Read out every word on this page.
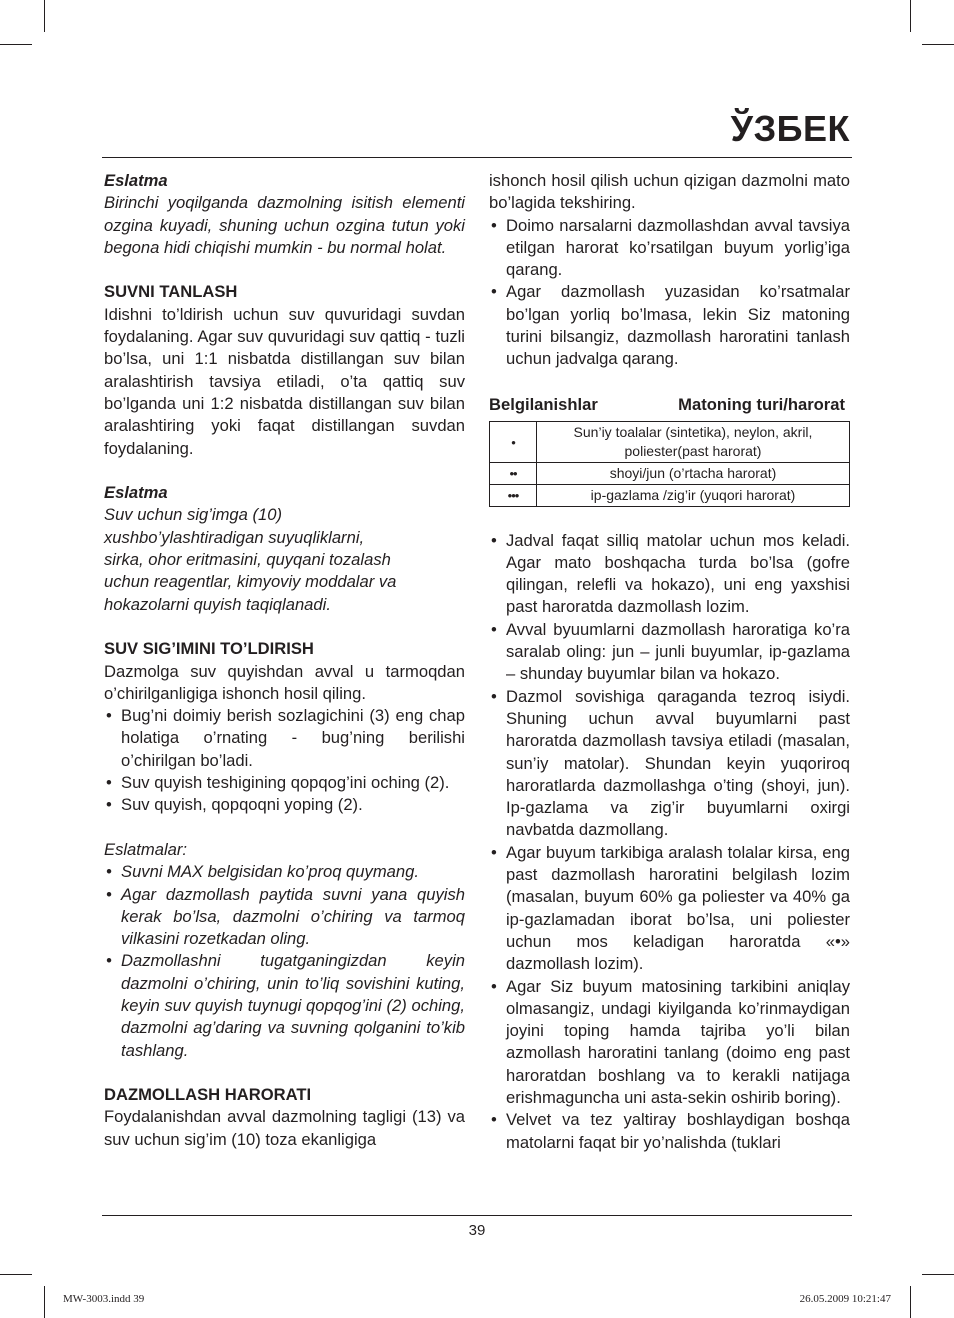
ЎЗБЕК

Eslatma

Birinchi yoqilganda dazmolning isitish elementi ozgina kuyadi, shuning uchun ozgina tutun yoki begona hidi chiqishi mumkin - bu normal holat.

SUVNI TANLASH

Idishni to’ldirish uchun suv quvuridagi suvdan foydalaning. Agar suv quvuridagi suv qattiq - tuzli bo’lsa, uni 1:1 nisbatda distillangan suv bilan aralashtirish tavsiya etiladi, o’ta qattiq suv bo’lganda uni 1:2 nisbatda distillangan suv bilan aralashtiring yoki faqat distillangan suvdan foydalaning.

Eslatma

Suv uchun sig’imga (10)
xushbo’ylashtiradigan suyuqliklarni,
sirka, ohor eritmasini, quyqani tozalash
uchun reagentlar, kimyoviy moddalar va
hokazolarni quyish taqiqlanadi.

SUV SIG’IMINI TO’LDIRISH

Dazmolga suv quyishdan avval u tarmoqdan o’chirilganligiga ishonch hosil qiling.

• Bug’ni doimiy berish sozlagichini (3) eng chap holatiga o’rnating - bug’ning berilishi o’chirilgan bo’ladi.
• Suv quyish teshigining qopqog’ini oching (2).
• Suv quyish, qopqoqni yoping (2).

Eslatmalar:

• Suvni MAX belgisidan ko’proq quymang.
• Agar dazmollash paytida suvni yana quyish kerak bo’lsa, dazmolni o’chiring va tarmoq vilkasini rozetkadan oling.
• Dazmollashni tugatganingizdan keyin dazmolni o’chiring, unin to’liq sovishini kuting, keyin suv quyish tuynugi qopqog’ini (2) oching, dazmolni ag’daring va suvning qolganini to’kib tashlang.

DAZMOLLASH HARORATI

Foydalanishdan avval dazmolning tagligi (13) va suv uchun sig’im (10) toza ekanligiga

ishonch hosil qilish uchun qizigan dazmolni mato bo’lagida tekshiring.

• Doimo narsalarni dazmollashdan avval tavsiya etilgan harorat ko’rsatilgan buyum yorlig’iga qarang.
• Agar dazmollash yuzasidan ko’rsatmalar bo’lgan yorliq bo’lmasa, lekin Siz matoning turini bilsangiz, dazmollash haroratini tanlash uchun jadvalga qarang.
Belgilanishlar	Matoning turi/harorat
•	Sun’iy toalalar (sintetika), neylon, akril, poliester(past harorat)
••	shoyi/jun (o’rtacha harorat)
•••	ip-gazlama /zig’ir (yuqori harorat)
• Jadval faqat silliq matolar uchun mos keladi. Agar mato boshqacha turda bo’lsa (gofre qilingan, relefli va hokazo), uni eng yaxshisi past haroratda dazmollash lozim.
• Avval byuumlarni dazmollash haroratiga ko’ra saralab oling: jun – junli buyumlar, ip-gazlama – shunday buyumlar bilan va hokazo.
• Dazmol sovishiga qaraganda tezroq isiydi. Shuning uchun avval buyumlarni past haroratda dazmollash tavsiya etiladi (masalan, sun’iy matolar). Shundan keyin yuqoriroq haroratlarda dazmollashga o’ting (shoyi, jun). Ip-gazlama va zig’ir buyumlarni oxirgi navbatda dazmollang.
• Agar buyum tarkibiga aralash tolalar kirsa, eng past dazmollash haroratini belgilash lozim (masalan, buyum 60% ga poliester va 40% ga ip-gazlamadan iborat bo’lsa, uni poliester uchun mos keladigan haroratda «•» dazmollash lozim).
• Agar Siz buyum matosining tarkibini aniqlay olmasangiz, undagi kiyilganda ko’rinmaydigan joyini toping hamda tajriba yo’li bilan azmollash haroratini tanlang (doimo eng past haroratdan boshlang va to kerakli natijaga erishmaguncha uni asta-sekin oshirib boring).
• Velvet va tez yaltiray boshlaydigan boshqa matolarni faqat bir yo’nalishda (tuklari
39
MW-3003.indd 39	26.05.2009 10:21:47
